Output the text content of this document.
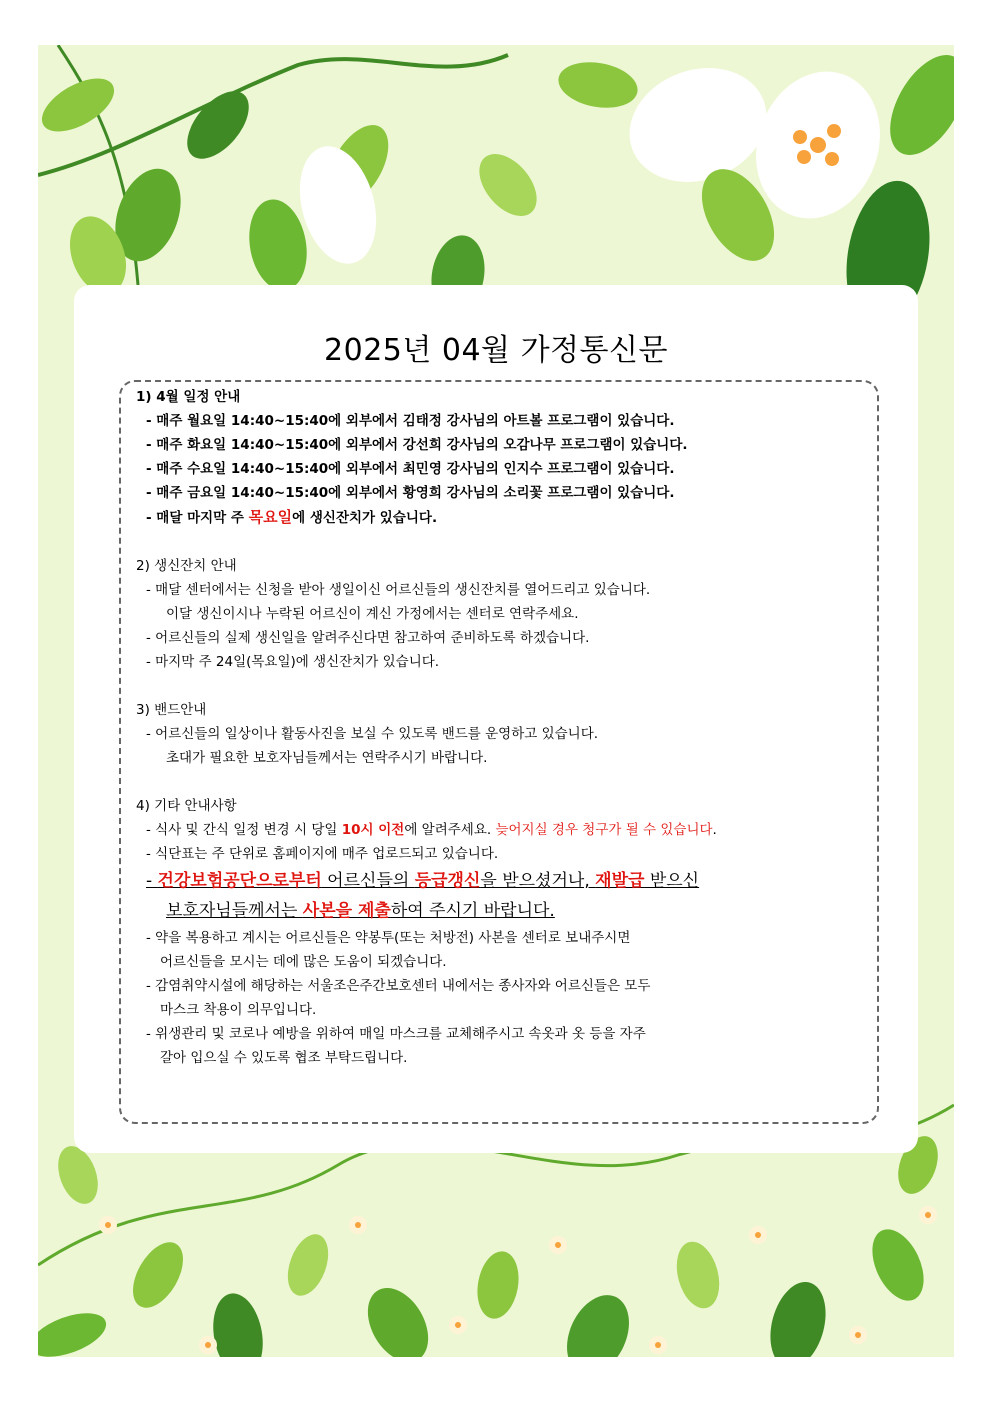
2025년 04월 가정통신문
1) 4월 일정 안내
- 매주 월요일 14:40~15:40에 외부에서 김태정 강사님의 아트볼 프로그램이 있습니다.
- 매주 화요일 14:40~15:40에 외부에서 강선희 강사님의 오감나무 프로그램이 있습니다.
- 매주 수요일 14:40~15:40에 외부에서 최민영 강사님의 인지수 프로그램이 있습니다.
- 매주 금요일 14:40~15:40에 외부에서 황영희 강사님의 소리꽃 프로그램이 있습니다.
- 매달 마지막 주 목요일에 생신잔치가 있습니다.
2) 생신잔치 안내
- 매달 센터에서는 신청을 받아 생일이신 어르신들의 생신잔치를 열어드리고 있습니다.
이달 생신이시나 누락된 어르신이 계신 가정에서는 센터로 연락주세요.
- 어르신들의 실제 생신일을 알려주신다면 참고하여 준비하도록 하겠습니다.
- 마지막 주 24일(목요일)에 생신잔치가 있습니다.
3) 밴드안내
- 어르신들의 일상이나 활동사진을 보실 수 있도록 밴드를 운영하고 있습니다.
초대가 필요한 보호자님들께서는 연락주시기 바랍니다.
4) 기타 안내사항
- 식사 및 간식 일정 변경 시 당일 10시 이전에 알려주세요. 늦어지실 경우 청구가 될 수 있습니다.
- 식단표는 주 단위로 홈페이지에 매주 업로드되고 있습니다.
- 건강보험공단으로부터 어르신들의 등급갱신을 받으셨거나, 재발급 받으신
보호자님들께서는 사본을 제출하여 주시기 바랍니다.
- 약을 복용하고 계시는 어르신들은 약봉투(또는 처방전) 사본을 센터로 보내주시면
어르신들을 모시는 데에 많은 도움이 되겠습니다.
- 감염취약시설에 해당하는 서울조은주간보호센터 내에서는 종사자와 어르신들은 모두
마스크 착용이 의무입니다.
- 위생관리 및 코로나 예방을 위하여 매일 마스크를 교체해주시고 속옷과 옷 등을 자주
갈아 입으실 수 있도록 협조 부탁드립니다.
